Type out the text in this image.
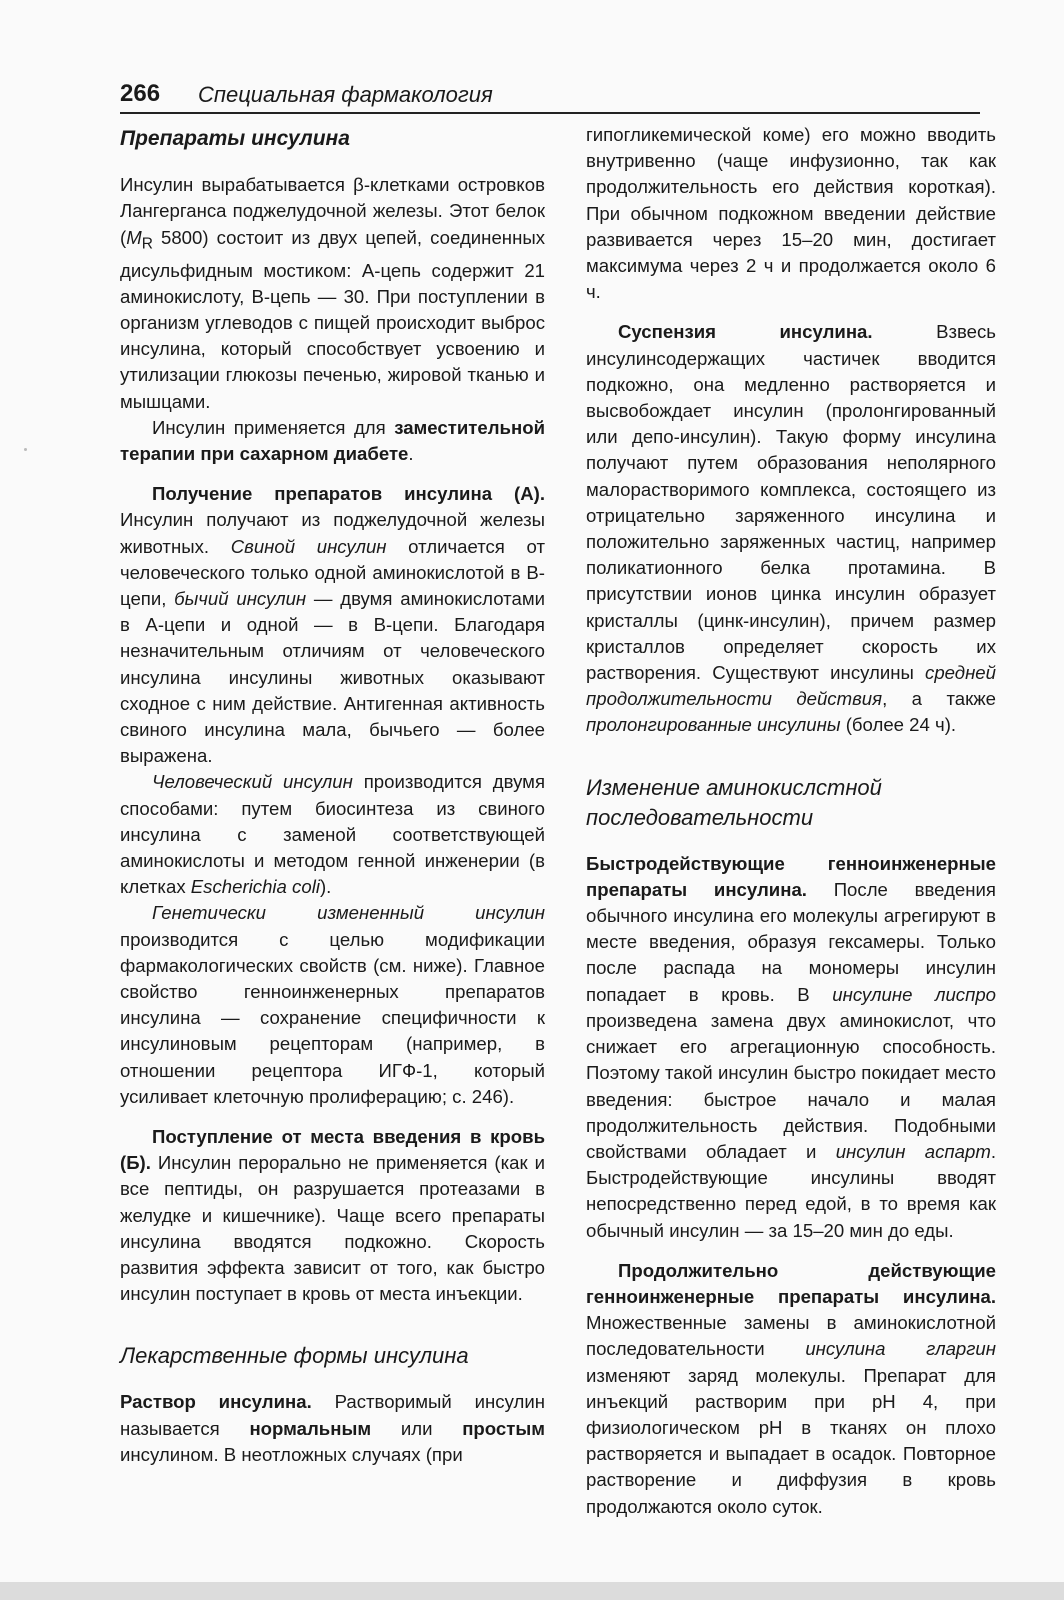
266 Специальная фармакология

Препараты инсулина

Инсулин вырабатывается β-клетками островков Лангерганса поджелудочной железы. Этот белок ($M_R$ 5800) состоит из двух цепей, соединенных дисульфидным мостиком: А-цепь содержит 21 аминокислоту, В-цепь — 30. При поступлении в организм углеводов с пищей происходит выброс инсулина, который способствует усвоению и утилизации глюкозы печенью, жировой тканью и мышцами.

Инсулин применяется для заместительной терапии при сахарном диабете.

Получение препаратов инсулина (А). Инсулин получают из поджелудочной железы животных. Свиной инсулин отличается от человеческого только одной аминокислотой в В-цепи, бычий инсулин — двумя аминокислотами в А-цепи и одной — в В-цепи. Благодаря незначительным отличиям от человеческого инсулина инсулины животных оказывают сходное с ним действие. Антигенная активность свиного инсулина мала, бычьего — более выражена.

Человеческий инсулин производится двумя способами: путем биосинтеза из свиного инсулина с заменой соответствующей аминокислоты и методом генной инженерии (в клетках Escherichia coli).

Генетически измененный инсулин производится с целью модификации фармакологических свойств (см. ниже). Главное свойство генноинженерных препаратов инсулина — сохранение специфичности к инсулиновым рецепторам (например, в отношении рецептора ИГФ-1, который усиливает клеточную пролиферацию; с. 246).

Поступление от места введения в кровь (Б). Инсулин перорально не применяется (как и все пептиды, он разрушается протеазами в желудке и кишечнике). Чаще всего препараты инсулина вводятся подкожно. Скорость развития эффекта зависит от того, как быстро инсулин поступает в кровь от места инъекции.

Лекарственные формы инсулина

Раствор инсулина. Растворимый инсулин называется нормальным или простым инсулином. В неотложных случаях (при

гипогликемической коме) его можно вводить внутривенно (чаще инфузионно, так как продолжительность его действия короткая). При обычном подкожном введении действие развивается через 15–20 мин, достигает максимума через 2 ч и продолжается около 6 ч.

Суспензия инсулина. Взвесь инсулинсодержащих частичек вводится подкожно, она медленно растворяется и высвобождает инсулин (пролонгированный или депо-инсулин). Такую форму инсулина получают путем образования неполярного малорастворимого комплекса, состоящего из отрицательно заряженного инсулина и положительно заряженных частиц, например поликатионного белка протамина. В присутствии ионов цинка инсулин образует кристаллы (цинк-инсулин), причем размер кристаллов определяет скорость их растворения. Существуют инсулины средней продолжительности действия, а также пролонгированные инсулины (более 24 ч).

Изменение аминокислстной последовательности

Быстродействующие генноинженерные препараты инсулина. После введения обычного инсулина его молекулы агрегируют в месте введения, образуя гексамеры. Только после распада на мономеры инсулин попадает в кровь. В инсулине лиспро произведена замена двух аминокислот, что снижает его агрегационную способность. Поэтому такой инсулин быстро покидает место введения: быстрое начало и малая продолжительность действия. Подобными свойствами обладает и инсулин аспарт. Быстродействующие инсулины вводят непосредственно перед едой, в то время как обычный инсулин — за 15–20 мин до еды.

Продолжительно действующие генноинженерные препараты инсулина. Множественные замены в аминокислотной последовательности инсулина гларгин изменяют заряд молекулы. Препарат для инъекций растворим при рН 4, при физиологическом рН в тканях он плохо растворяется и выпадает в осадок. Повторное растворение и диффузия в кровь продолжаются около суток.
